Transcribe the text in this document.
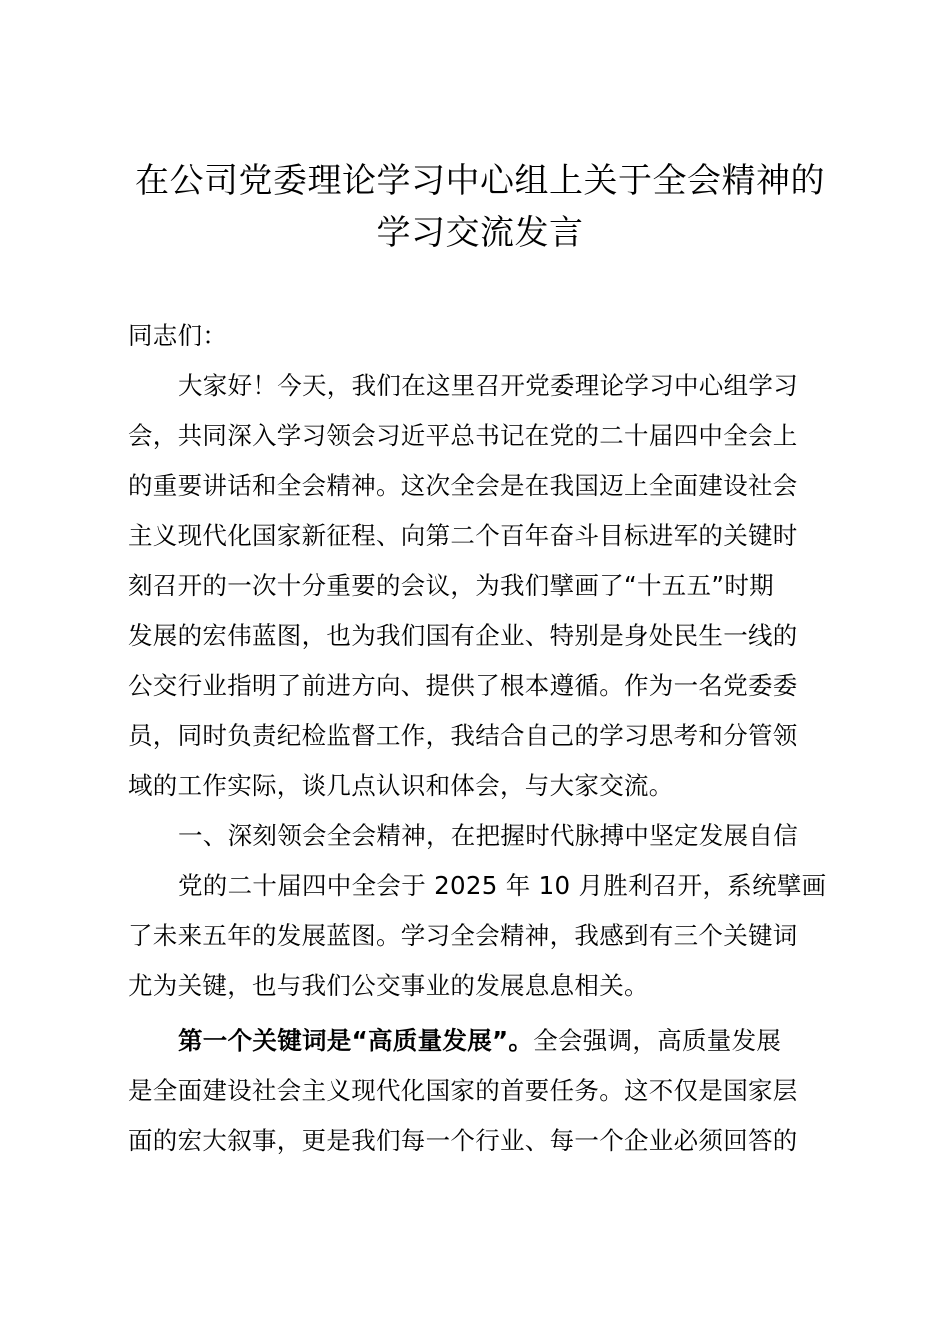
在公司党委理论学习中心组上关于全会精神的
学习交流发言
同志们：
大家好！今天，我们在这里召开党委理论学习中心组学习
会，共同深入学习领会习近平总书记在党的二十届四中全会上
的重要讲话和全会精神。这次全会是在我国迈上全面建设社会
主义现代化国家新征程、向第二个百年奋斗目标进军的关键时
刻召开的一次十分重要的会议，为我们擘画了“十五五”时期
发展的宏伟蓝图，也为我们国有企业、特别是身处民生一线的
公交行业指明了前进方向、提供了根本遵循。作为一名党委委
员，同时负责纪检监督工作，我结合自己的学习思考和分管领
域的工作实际，谈几点认识和体会，与大家交流。
一、深刻领会全会精神，在把握时代脉搏中坚定发展自信
党的二十届四中全会于 2025 年 10 月胜利召开，系统擘画
了未来五年的发展蓝图。学习全会精神，我感到有三个关键词
尤为关键，也与我们公交事业的发展息息相关。
第一个关键词是“高质量发展”。全会强调，高质量发展
是全面建设社会主义现代化国家的首要任务。这不仅是国家层
面的宏大叙事，更是我们每一个行业、每一个企业必须回答的
